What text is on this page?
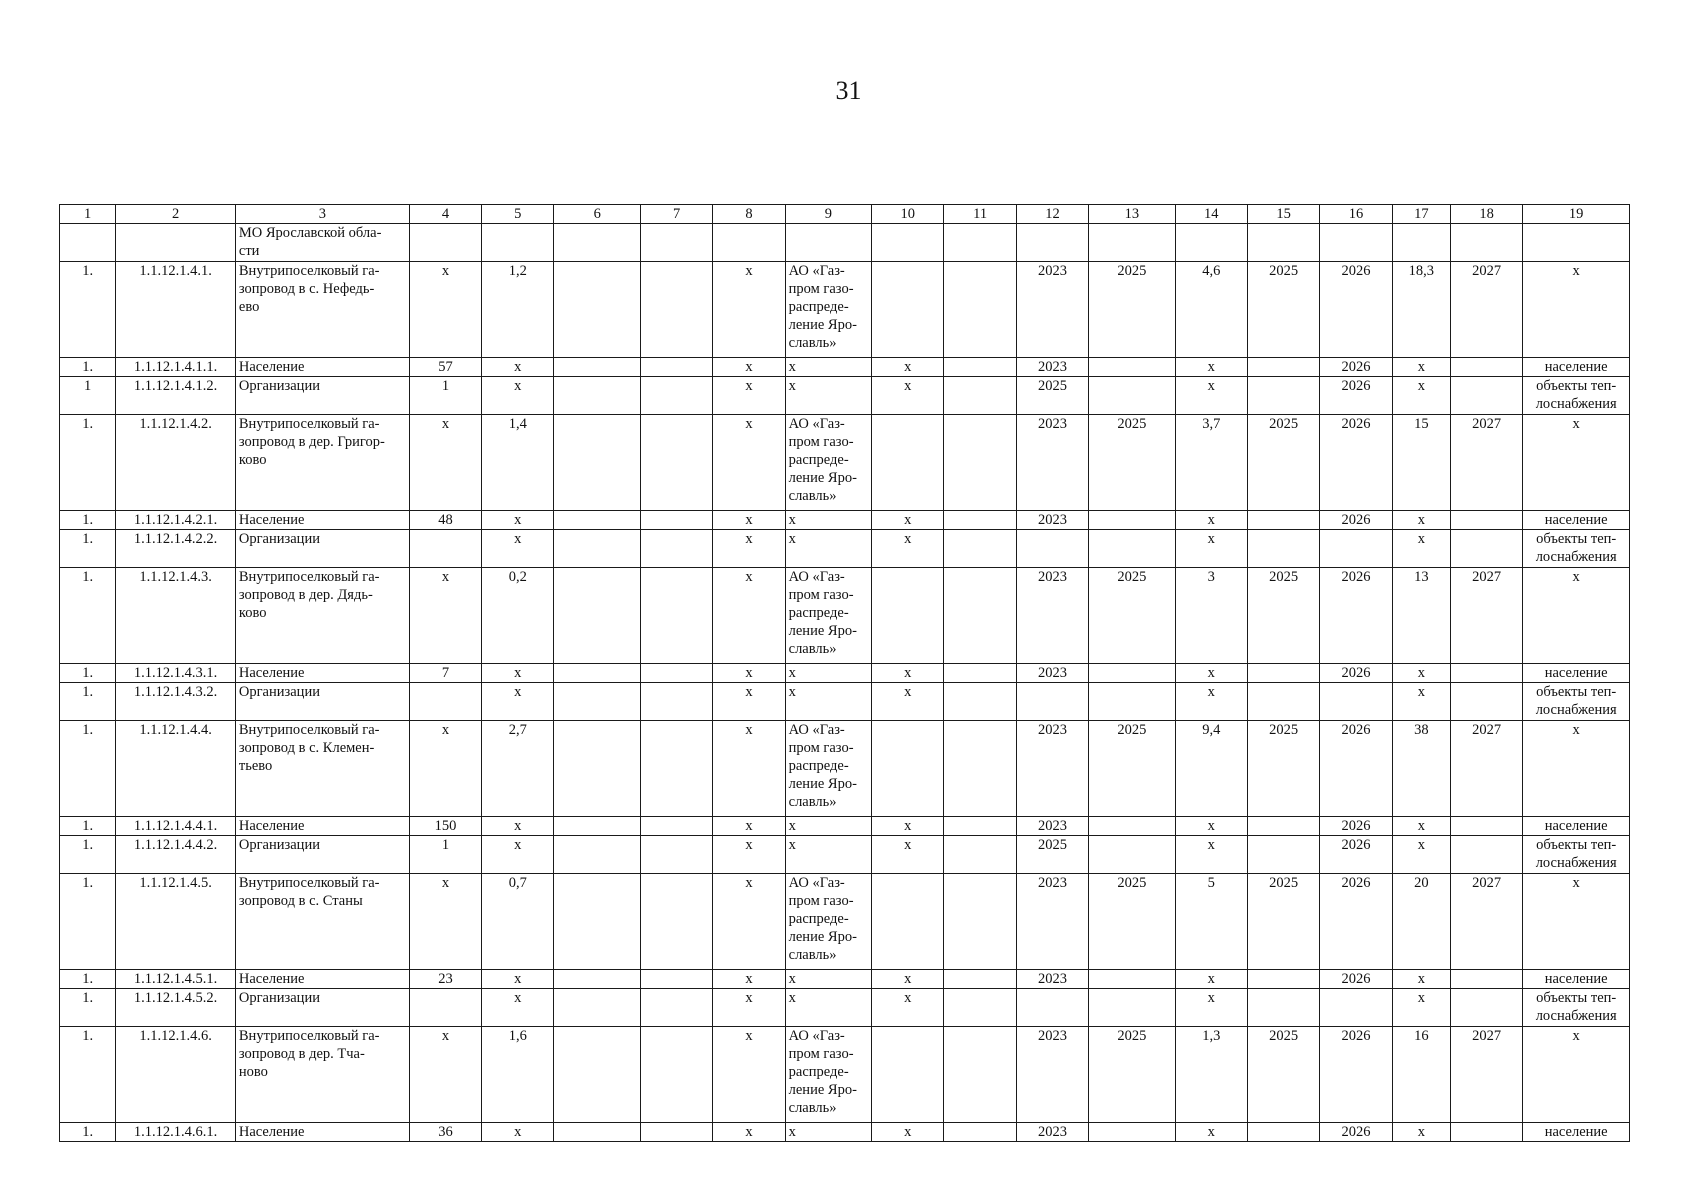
31
1	2	3	4	5	6	7	8	9	10	11	12	13	14	15	16	17	18	19
		МО Ярославской обла-
сти																
1.	1.1.12.1.4.1.	Внутрипоселковый га-
зопровод в с. Нефедь-
ево	х	1,2			х	АО «Газ-
пром газо-
распреде-
ление Яро-
славль»			2023	2025	4,6	2025	2026	18,3	2027	х
1.	1.1.12.1.4.1.1.	Население	57	х			х	х	х		2023		х		2026	х		население
1	1.1.12.1.4.1.2.	Организации	1	х			х	х	х		2025		х		2026	х		объекты теп-
лоснабжения
1.	1.1.12.1.4.2.	Внутрипоселковый га-
зопровод в дер. Григор-
ково	х	1,4			х	АО «Газ-
пром газо-
распреде-
ление Яро-
славль»			2023	2025	3,7	2025	2026	15	2027	х
1.	1.1.12.1.4.2.1.	Население	48	х			х	х	х		2023		х		2026	х		население
1.	1.1.12.1.4.2.2.	Организации		х			х	х	х				х			х		объекты теп-
лоснабжения
1.	1.1.12.1.4.3.	Внутрипоселковый га-
зопровод в дер. Дядь-
ково	х	0,2			х	АО «Газ-
пром газо-
распреде-
ление Яро-
славль»			2023	2025	3	2025	2026	13	2027	х
1.	1.1.12.1.4.3.1.	Население	7	х			х	х	х		2023		х		2026	х		население
1.	1.1.12.1.4.3.2.	Организации		х			х	х	х				х			х		объекты теп-
лоснабжения
1.	1.1.12.1.4.4.	Внутрипоселковый га-
зопровод в с. Клемен-
тьево	х	2,7			х	АО «Газ-
пром газо-
распреде-
ление Яро-
славль»			2023	2025	9,4	2025	2026	38	2027	х
1.	1.1.12.1.4.4.1.	Население	150	х			х	х	х		2023		х		2026	х		население
1.	1.1.12.1.4.4.2.	Организации	1	х			х	х	х		2025		х		2026	х		объекты теп-
лоснабжения
1.	1.1.12.1.4.5.	Внутрипоселковый га-
зопровод в с. Станы	х	0,7			х	АО «Газ-
пром газо-
распреде-
ление Яро-
славль»			2023	2025	5	2025	2026	20	2027	х
1.	1.1.12.1.4.5.1.	Население	23	х			х	х	х		2023		х		2026	х		население
1.	1.1.12.1.4.5.2.	Организации		х			х	х	х				х			х		объекты теп-
лоснабжения
1.	1.1.12.1.4.6.	Внутрипоселковый га-
зопровод в дер. Тча-
ново	х	1,6			х	АО «Газ-
пром газо-
распреде-
ление Яро-
славль»			2023	2025	1,3	2025	2026	16	2027	х
1.	1.1.12.1.4.6.1.	Население	36	х			х	х	х		2023		х		2026	х		население
